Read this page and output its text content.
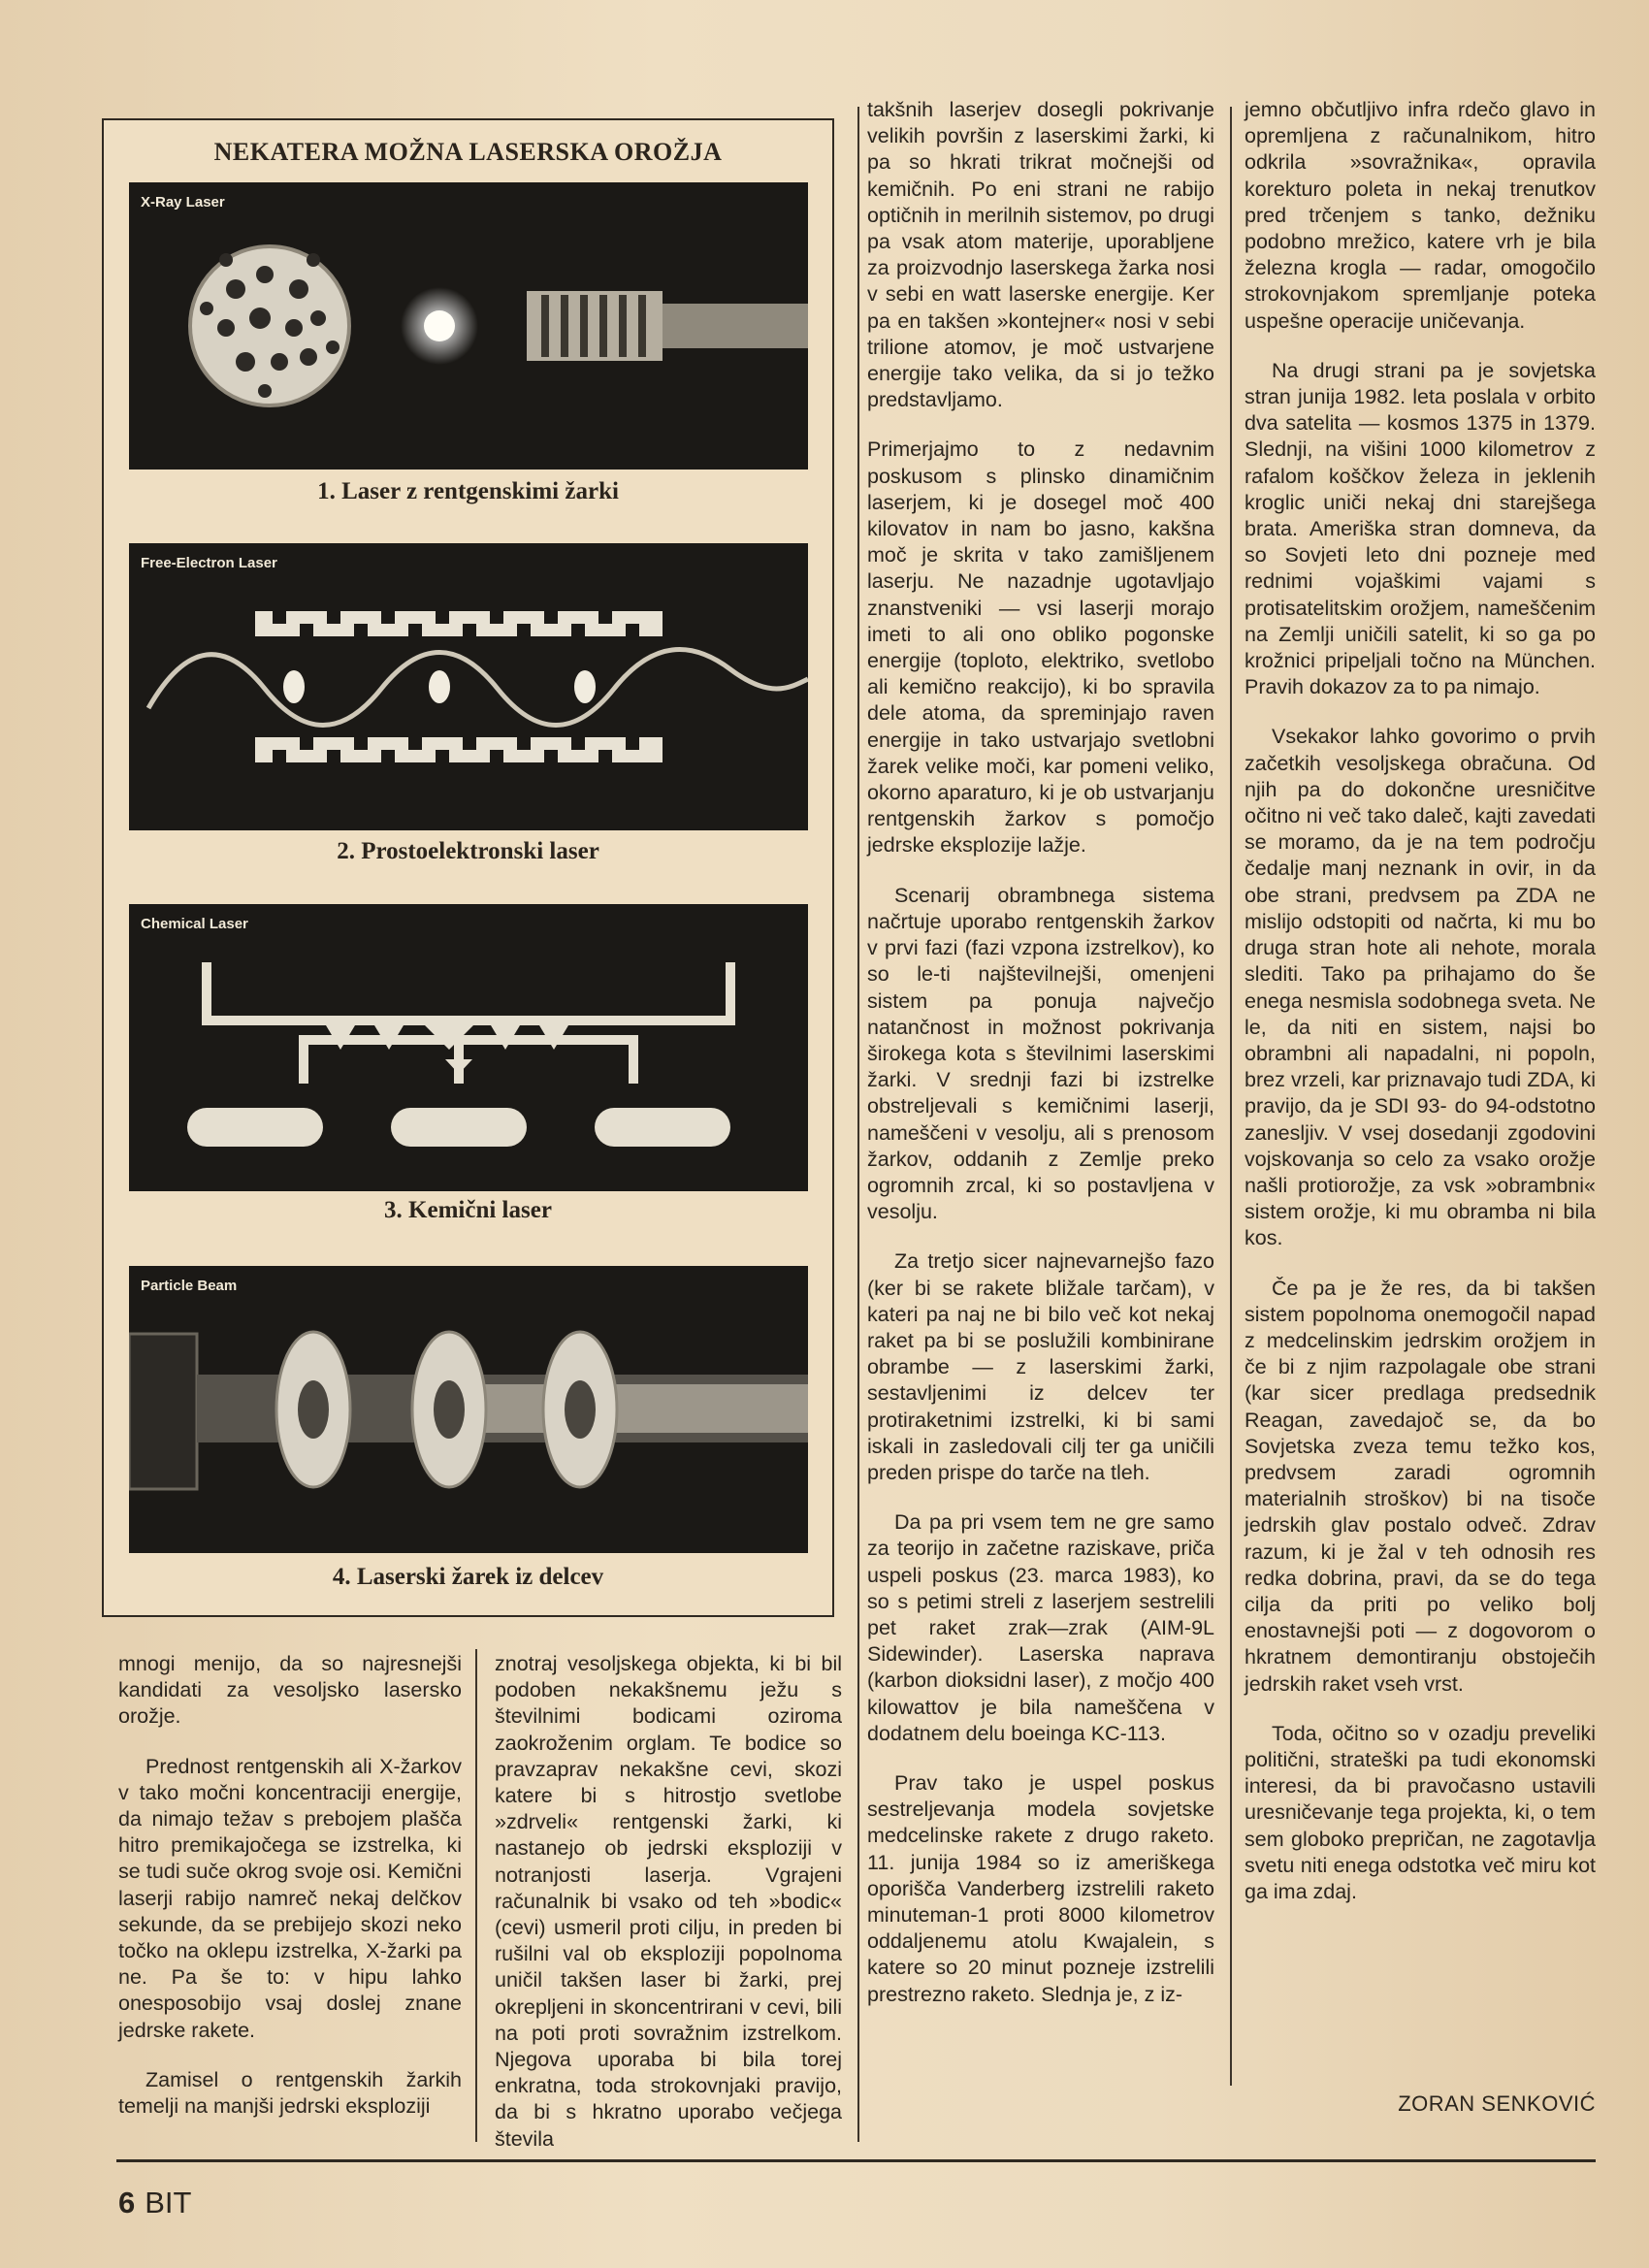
NEKATERA MOŽNA LASERSKA OROŽJA
X-Ray Laser
1. Laser z rentgenskimi žarki
Free-Electron Laser
2. Prostoelektronski laser
Chemical Laser
3. Kemični laser
Particle Beam
4. Laserski žarek iz delcev

mnogi menijo, da so najresnejši kandidati za vesoljsko lasersko orožje.

Prednost rentgenskih ali X-žarkov v tako močni koncentraciji energije, da nimajo težav s prebojem plašča hitro premikajočega se izstrelka, ki se tudi suče okrog svoje osi. Kemični laserji rabijo namreč nekaj delčkov sekunde, da se prebijejo skozi neko točko na oklepu izstrelka, X-žarki pa ne. Pa še to: v hipu lahko onesposobijo vsaj doslej znane jedrske rakete.

Zamisel o rentgenskih žarkih temelji na manjši jedrski eksploziji

znotraj vesoljskega objekta, ki bi bil podoben nekakšnemu ježu s številnimi bodicami oziroma zaokroženim orglam. Te bodice so pravzaprav nekakšne cevi, skozi katere bi s hitrostjo svetlobe »zdrveli« rentgenski žarki, ki nastanejo ob jedrski eksploziji v notranjosti laserja. Vgrajeni računalnik bi vsako od teh »bodic« (cevi) usmeril proti cilju, in preden bi rušilni val ob eksploziji popolnoma uničil takšen laser bi žarki, prej okrepljeni in skoncentrirani v cevi, bili na poti proti sovražnim izstrelkom. Njegova uporaba bi bila torej enkratna, toda strokovnjaki pravijo, da bi s hkratno uporabo večjega števila

takšnih laserjev dosegli pokrivanje velikih površin z laserskimi žarki, ki pa so hkrati trikrat močnejši od kemičnih. Po eni strani ne rabijo optičnih in merilnih sistemov, po drugi pa vsak atom materije, uporabljene za proizvodnjo laserskega žarka nosi v sebi en watt laserske energije. Ker pa en takšen »kontejner« nosi v sebi trilione atomov, je moč ustvarjene energije tako velika, da si jo težko predstavljamo.

Primerjajmo to z nedavnim poskusom s plinsko dinamičnim laserjem, ki je dosegel moč 400 kilovatov in nam bo jasno, kakšna moč je skrita v tako zamišljenem laserju. Ne nazadnje ugotavljajo znanstveniki — vsi laserji morajo imeti to ali ono obliko pogonske energije (toploto, elektriko, svetlobo ali kemično reakcijo), ki bo spravila dele atoma, da spreminjajo raven energije in tako ustvarjajo svetlobni žarek velike moči, kar pomeni veliko, okorno aparaturo, ki je ob ustvarjanju rentgenskih žarkov s pomočjo jedrske eksplozije lažje.

Scenarij obrambnega sistema načrtuje uporabo rentgenskih žarkov v prvi fazi (fazi vzpona izstrelkov), ko so le-ti najštevilnejši, omenjeni sistem pa ponuja največjo natančnost in možnost pokrivanja širokega kota s številnimi laserskimi žarki. V srednji fazi bi izstrelke obstreljevali s kemičnimi laserji, nameščeni v vesolju, ali s prenosom žarkov, oddanih z Zemlje preko ogromnih zrcal, ki so postavljena v vesolju.

Za tretjo sicer najnevarnejšo fazo (ker bi se rakete bližale tarčam), v kateri pa naj ne bi bilo več kot nekaj raket pa bi se poslužili kombinirane obrambe — z laserskimi žarki, sestavljenimi iz delcev ter protiraketnimi izstrelki, ki bi sami iskali in zasledovali cilj ter ga uničili preden prispe do tarče na tleh.

Da pa pri vsem tem ne gre samo za teorijo in začetne raziskave, priča uspeli poskus (23. marca 1983), ko so s petimi streli z laserjem sestrelili pet raket zrak—zrak (AIM-9L Sidewinder). Laserska naprava (karbon dioksidni laser), z močjo 400 kilowattov je bila nameščena v dodatnem delu boeinga KC-113.

Prav tako je uspel poskus sestreljevanja modela sovjetske medcelinske rakete z drugo raketo. 11. junija 1984 so iz ameriškega oporišča Vanderberg izstrelili raketo minuteman-1 proti 8000 kilometrov oddaljenemu atolu Kwajalein, s katere so 20 minut pozneje izstrelili prestrezno raketo. Slednja je, z iz-

jemno občutljivo infra rdečo glavo in opremljena z računalnikom, hitro odkrila »sovražnika«, opravila korekturo poleta in nekaj trenutkov pred trčenjem s tanko, dežniku podobno mrežico, katere vrh je bila železna krogla — radar, omogočilo strokovnjakom spremljanje poteka uspešne operacije uničevanja.

Na drugi strani pa je sovjetska stran junija 1982. leta poslala v orbito dva satelita — kosmos 1375 in 1379. Slednji, na višini 1000 kilometrov z rafalom koščkov železa in jeklenih kroglic uniči nekaj dni starejšega brata. Ameriška stran domneva, da so Sovjeti leto dni pozneje med rednimi vojaškimi vajami s protisatelitskim orožjem, nameščenim na Zemlji uničili satelit, ki so ga po krožnici pripeljali točno na München. Pravih dokazov za to pa nimajo.

Vsekakor lahko govorimo o prvih začetkih vesoljskega obračuna. Od njih pa do dokončne uresničitve očitno ni več tako daleč, kajti zavedati se moramo, da je na tem področju čedalje manj neznank in ovir, in da obe strani, predvsem pa ZDA ne mislijo odstopiti od načrta, ki mu bo druga stran hote ali nehote, morala slediti. Tako pa prihajamo do še enega nesmisla sodobnega sveta. Ne le, da niti en sistem, najsi bo obrambni ali napadalni, ni popoln, brez vrzeli, kar priznavajo tudi ZDA, ki pravijo, da je SDI 93- do 94-odstotno zanesljiv. V vsej dosedanji zgodovini vojskovanja so celo za vsako orožje našli protiorožje, za vsk »obrambni« sistem orožje, ki mu obramba ni bila kos.

Če pa je že res, da bi takšen sistem popolnoma onemogočil napad z medcelinskim jedrskim orožjem in če bi z njim razpolagale obe strani (kar sicer predlaga predsednik Reagan, zavedajoč se, da bo Sovjetska zveza temu težko kos, predvsem zaradi ogromnih materialnih stroškov) bi na tisoče jedrskih glav postalo odveč. Zdrav razum, ki je žal v teh odnosih res redka dobrina, pravi, da se do tega cilja da priti po veliko bolj enostavnejši poti — z dogovorom o hkratnem demontiranju obstoječih jedrskih raket vseh vrst.

Toda, očitno so v ozadju preveliki politični, strateški pa tudi ekonomski interesi, da bi pravočasno ustavili uresničevanje tega projekta, ki, o tem sem globoko prepričan, ne zagotavlja svetu niti enega odstotka več miru kot ga ima zdaj.

ZORAN SENKOVIĆ
6 BIT
